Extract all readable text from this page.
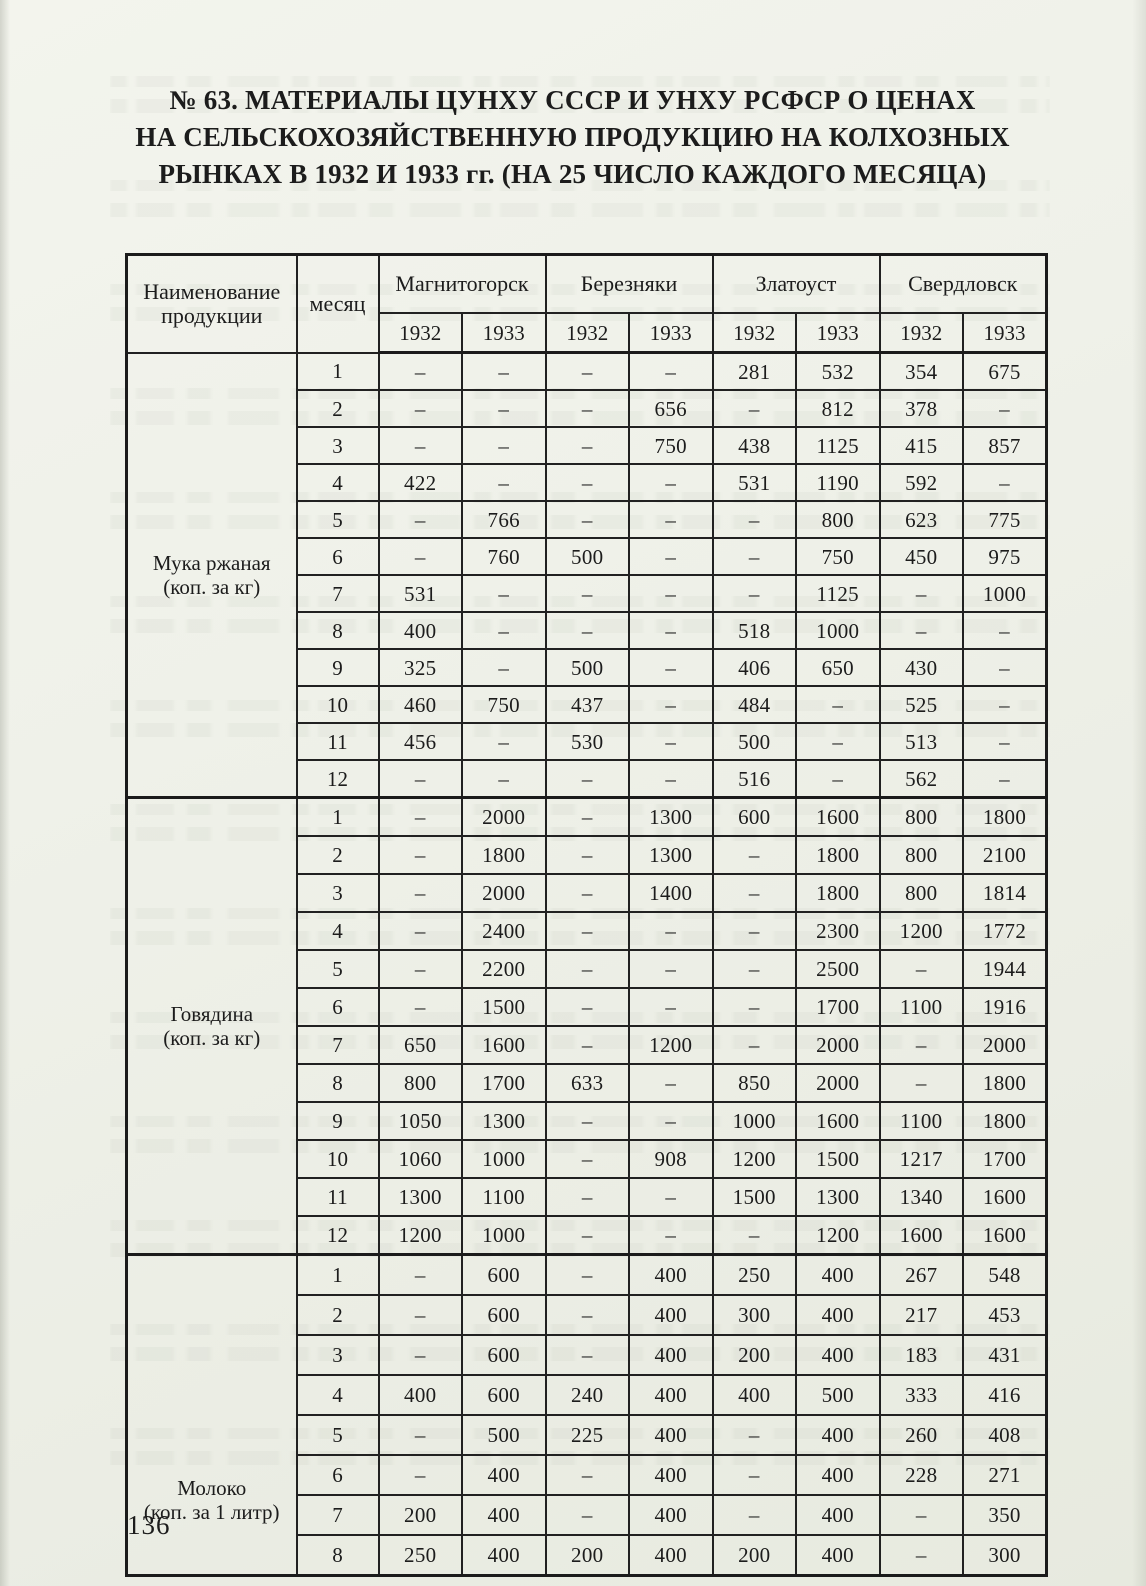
№ 63. МАТЕРИАЛЫ ЦУНХУ СССР И УНХУ РСФСР О ЦЕНАХ
НА СЕЛЬСКОХОЗЯЙСТВЕННУЮ ПРОДУКЦИЮ НА КОЛХОЗНЫХ
РЫНКАХ В 1932 И 1933 гг. (НА 25 ЧИСЛО КАЖДОГО МЕСЯЦА)
Наименование продукции	месяц	Магнитогорск		Березняки		Златоуст		Свердловск	
		1932	1933	1932	1933	1932	1933	1932	1933

Мука ржаная
(коп. за кг)	1	–	–	–	–	281	532	354	675
	2	–	–	–	656	–	812	378	–
	3	–	–	–	750	438	1125	415	857
	4	422	–	–	–	531	1190	592	–
	5	–	766	–	–	–	800	623	775
	6	–	760	500	–	–	750	450	975
	7	531	–	–	–	–	1125	–	1000
	8	400	–	–	–	518	1000	–	–
	9	325	–	500	–	406	650	430	–
	10	460	750	437	–	484	–	525	–
	11	456	–	530	–	500	–	513	–
	12	–	–	–	–	516	–	562	–

Говядина
(коп. за кг)	1	–	2000	–	1300	600	1600	800	1800
	2	–	1800	–	1300	–	1800	800	2100
	3	–	2000	–	1400	–	1800	800	1814
	4	–	2400	–	–	–	2300	1200	1772
	5	–	2200	–	–	–	2500	–	1944
	6	–	1500	–	–	–	1700	1100	1916
	7	650	1600	–	1200	–	2000	–	2000
	8	800	1700	633	–	850	2000	–	1800
	9	1050	1300	–	–	1000	1600	1100	1800
	10	1060	1000	–	908	1200	1500	1217	1700
	11	1300	1100	–	–	1500	1300	1340	1600
	12	1200	1000	–	–	–	1200	1600	1600

Молоко
(коп. за 1 литр)	1	–	600	–	400	250	400	267	548
	2	–	600	–	400	300	400	217	453
	3	–	600	–	400	200	400	183	431
	4	400	600	240	400	400	500	333	416
	5	–	500	225	400	–	400	260	408
	6	–	400	–	400	–	400	228	271
	7	200	400	–	400	–	400	–	350
	8	250	400	200	400	200	400	–	300
136
